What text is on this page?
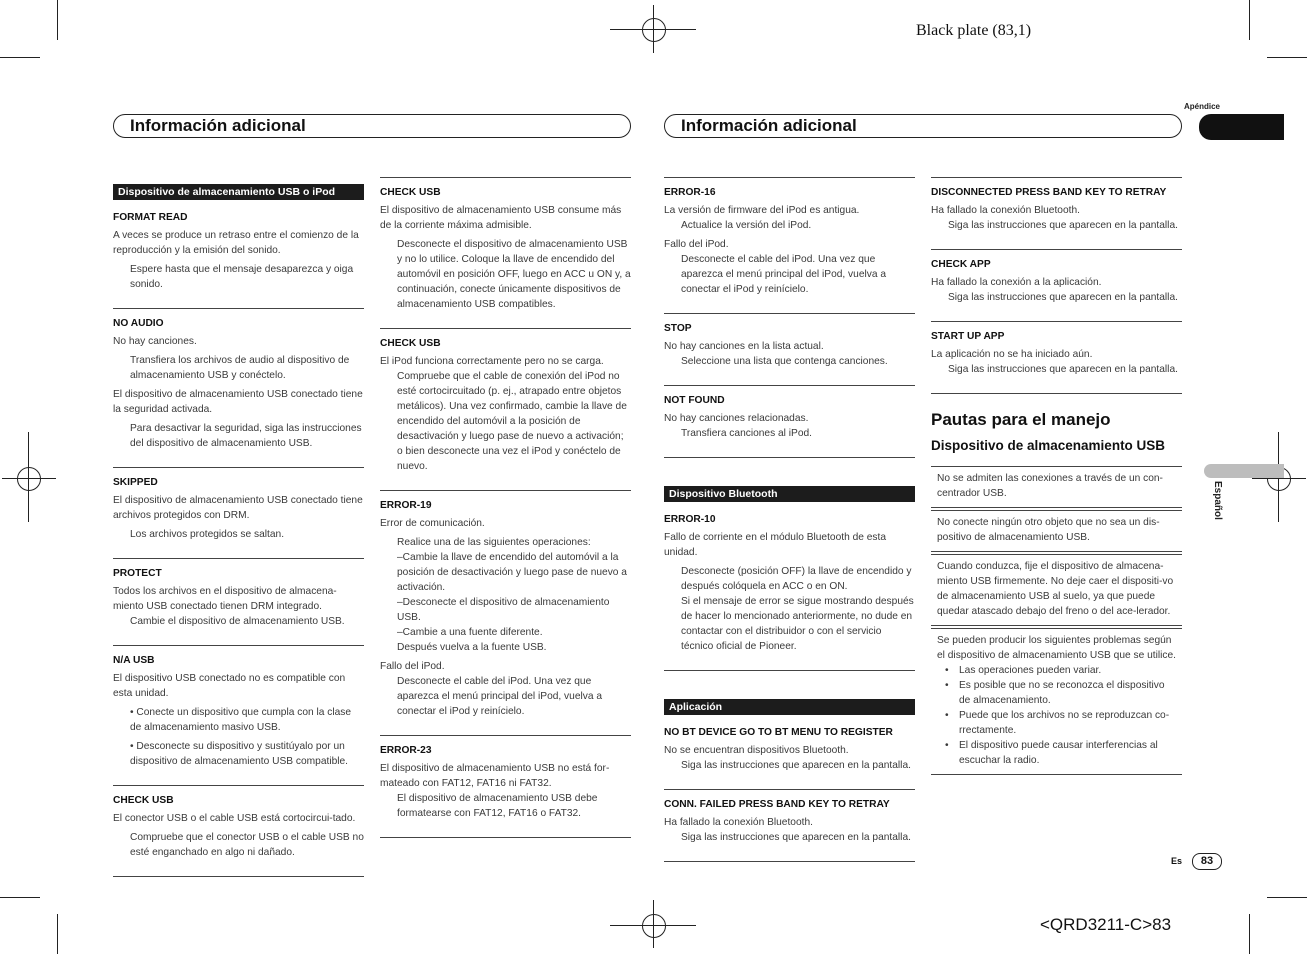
Black plate (83,1)
<QRD3211-C>83
Apéndice
Español
Información adicional	Información adicional
Dispositivo de almacenamiento USB o iPod
FORMAT READ
A veces se produce un retraso entre el comienzo de la reproducción y la emisión del sonido.
Espere hasta que el mensaje desaparezca y oiga sonido.
NO AUDIO
No hay canciones.
Transfiera los archivos de audio al dispositivo de almacenamiento USB y conéctelo.
El dispositivo de almacenamiento USB conectado tiene la seguridad activada.
Para desactivar la seguridad, siga las instrucciones del dispositivo de almacenamiento USB.
SKIPPED
El dispositivo de almacenamiento USB conectado tiene archivos protegidos con DRM.
Los archivos protegidos se saltan.
PROTECT
Todos los archivos en el dispositivo de almacena-miento USB conectado tienen DRM integrado.
Cambie el dispositivo de almacenamiento USB.
N/A USB
El dispositivo USB conectado no es compatible con esta unidad.
• Conecte un dispositivo que cumpla con la clase de almacenamiento masivo USB.
• Desconecte su dispositivo y sustitúyalo por un dispositivo de almacenamiento USB compatible.
CHECK USB
El conector USB o el cable USB está cortocircui-tado.
Compruebe que el conector USB o el cable USB no esté enganchado en algo ni dañado.
CHECK USB
El dispositivo de almacenamiento USB consume más de la corriente máxima admisible.
Desconecte el dispositivo de almacenamiento USB y no lo utilice. Coloque la llave de encendido del automóvil en posición OFF, luego en ACC u ON y, a continuación, conecte únicamente dispositivos de almacenamiento USB compatibles.
CHECK USB
El iPod funciona correctamente pero no se carga.
Compruebe que el cable de conexión del iPod no esté cortocircuitado (p. ej., atrapado entre objetos metálicos). Una vez confirmado, cambie la llave de encendido del automóvil a la posición de desactivación y luego pase de nuevo a activación; o bien desconecte una vez el iPod y conéctelo de nuevo.
ERROR-19
Error de comunicación.
Realice una de las siguientes operaciones:
–Cambie la llave de encendido del automóvil a la posición de desactivación y luego pase de nuevo a activación.
–Desconecte el dispositivo de almacenamiento USB.
–Cambie a una fuente diferente.
Después vuelva a la fuente USB.
Fallo del iPod.
Desconecte el cable del iPod. Una vez que aparezca el menú principal del iPod, vuelva a conectar el iPod y reinícielo.
ERROR-23
El dispositivo de almacenamiento USB no está for-mateado con FAT12, FAT16 ni FAT32.
El dispositivo de almacenamiento USB debe formatearse con FAT12, FAT16 o FAT32.
ERROR-16
La versión de firmware del iPod es antigua.
Actualice la versión del iPod.
Fallo del iPod.
Desconecte el cable del iPod. Una vez que aparezca el menú principal del iPod, vuelva a conectar el iPod y reinícielo.
STOP
No hay canciones en la lista actual.
Seleccione una lista que contenga canciones.
NOT FOUND
No hay canciones relacionadas.
Transfiera canciones al iPod.
Dispositivo Bluetooth
ERROR-10
Fallo de corriente en el módulo Bluetooth de esta unidad.
Desconecte (posición OFF) la llave de encendido y después colóquela en ACC o en ON.
Si el mensaje de error se sigue mostrando después de hacer lo mencionado anteriormente, no dude en contactar con el distribuidor o con el servicio técnico oficial de Pioneer.
Aplicación
NO BT DEVICE GO TO BT MENU TO REGISTER
No se encuentran dispositivos Bluetooth.
Siga las instrucciones que aparecen en la pantalla.
CONN. FAILED PRESS BAND KEY TO RETRAY
Ha fallado la conexión Bluetooth.
Siga las instrucciones que aparecen en la pantalla.
DISCONNECTED PRESS BAND KEY TO RETRAY
Ha fallado la conexión Bluetooth.
Siga las instrucciones que aparecen en la pantalla.
CHECK APP
Ha fallado la conexión a la aplicación.
Siga las instrucciones que aparecen en la pantalla.
START UP APP
La aplicación no se ha iniciado aún.
Siga las instrucciones que aparecen en la pantalla.
Pautas para el manejo
Dispositivo de almacenamiento USB
No se admiten las conexiones a través de un con-centrador USB.
No conecte ningún otro objeto que no sea un dis-positivo de almacenamiento USB.
Cuando conduzca, fije el dispositivo de almacena-miento USB firmemente. No deje caer el dispositi-vo de almacenamiento USB al suelo, ya que puede quedar atascado debajo del freno o del ace-lerador.
Se pueden producir los siguientes problemas según el dispositivo de almacenamiento USB que se utilice.
• Las operaciones pueden variar.
• Es posible que no se reconozca el dispositivo de almacenamiento.
• Puede que los archivos no se reproduzcan co-rrectamente.
• El dispositivo puede causar interferencias al escuchar la radio.
Es	83
